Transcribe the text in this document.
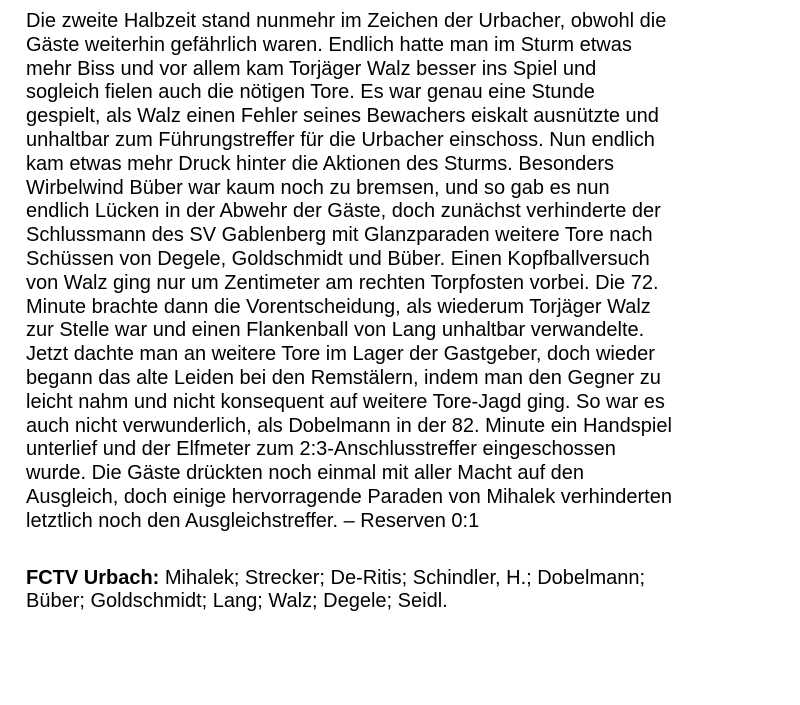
Die zweite Halbzeit stand nunmehr im Zeichen der Urbacher, obwohl die
Gäste weiterhin gefährlich waren. Endlich hatte man im Sturm etwas
mehr Biss und vor allem kam Torjäger Walz besser ins Spiel und
sogleich fielen auch die nötigen Tore. Es war genau eine Stunde
gespielt, als Walz einen Fehler seines Bewachers eiskalt ausnützte und
unhaltbar zum Führungstreffer für die Urbacher einschoss. Nun endlich
kam etwas mehr Druck hinter die Aktionen des Sturms. Besonders
Wirbelwind Büber war kaum noch zu bremsen, und so gab es nun
endlich Lücken in der Abwehr der Gäste, doch zunächst verhinderte der
Schlussmann des SV Gablenberg mit Glanzparaden weitere Tore nach
Schüssen von Degele, Goldschmidt und Büber. Einen Kopfballversuch
von Walz ging nur um Zentimeter am rechten Torpfosten vorbei. Die 72.
Minute brachte dann die Vorentscheidung, als wiederum Torjäger Walz
zur Stelle war und einen Flankenball von Lang unhaltbar verwandelte.
Jetzt dachte man an weitere Tore im Lager der Gastgeber, doch wieder
begann das alte Leiden bei den Remstälern, indem man den Gegner zu
leicht nahm und nicht konsequent auf weitere Tore-Jagd ging. So war es
auch nicht verwunderlich, als Dobelmann in der 82. Minute ein Handspiel
unterlief und der Elfmeter zum 2:3-Anschlusstreffer eingeschossen
wurde. Die Gäste drückten noch einmal mit aller Macht auf den
Ausgleich, doch einige hervorragende Paraden von Mihalek verhinderten
letztlich noch den Ausgleichstreffer. – Reserven 0:1
FCTV Urbach: Mihalek; Strecker; De-Ritis; Schindler, H.; Dobelmann;
Büber; Goldschmidt; Lang; Walz; Degele; Seidl.
